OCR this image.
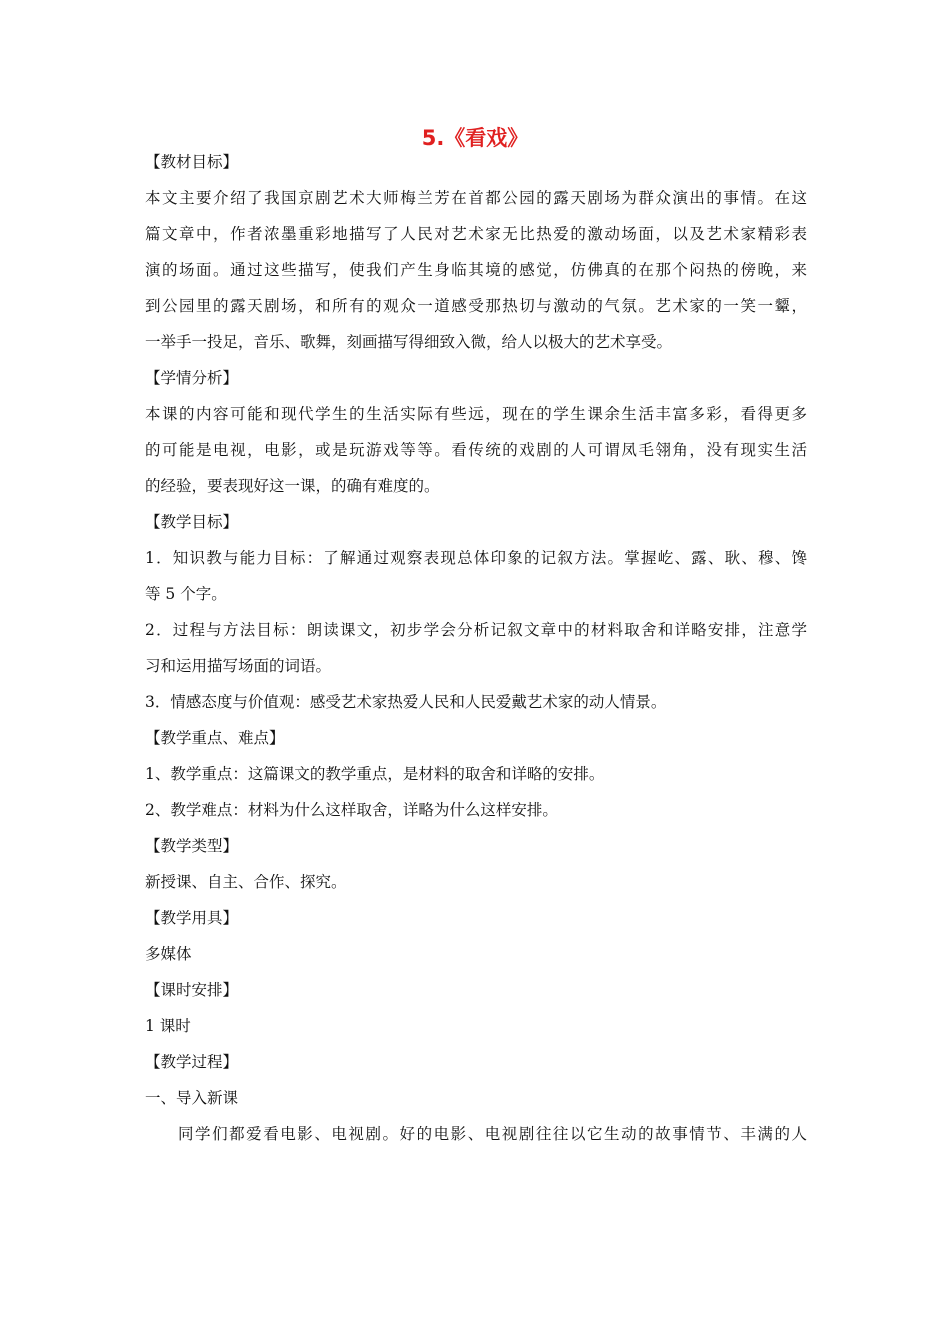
5.《看戏》
【教材目标】
本文主要介绍了我国京剧艺术大师梅兰芳在首都公园的露天剧场为群众演出的事情。在这
篇文章中，作者浓墨重彩地描写了人民对艺术家无比热爱的激动场面，以及艺术家精彩表
演的场面。通过这些描写，使我们产生身临其境的感觉，仿佛真的在那个闷热的傍晚，来
到公园里的露天剧场，和所有的观众一道感受那热切与激动的气氛。艺术家的一笑一颦，
一举手一投足，音乐、歌舞，刻画描写得细致入微，给人以极大的艺术享受。
【学情分析】
本课的内容可能和现代学生的生活实际有些远，现在的学生课余生活丰富多彩，看得更多
的可能是电视，电影，或是玩游戏等等。看传统的戏剧的人可谓凤毛翎角，没有现实生活
的经验，要表现好这一课，的确有难度的。
【教学目标】
1．知识教与能力目标：了解通过观察表现总体印象的记叙方法。掌握屹、露、耿、穆、馋
等 5 个字。
2．过程与方法目标：朗读课文，初步学会分析记叙文章中的材料取舍和详略安排，注意学
习和运用描写场面的词语。
3．情感态度与价值观：感受艺术家热爱人民和人民爱戴艺术家的动人情景。
【教学重点、难点】
1、教学重点：这篇课文的教学重点，是材料的取舍和详略的安排。
2、教学难点：材料为什么这样取舍，详略为什么这样安排。
【教学类型】
新授课、自主、合作、探究。
【教学用具】
多媒体
【课时安排】
1 课时
【教学过程】
一、导入新课
同学们都爱看电影、电视剧。好的电影、电视剧往往以它生动的故事情节、丰满的人
